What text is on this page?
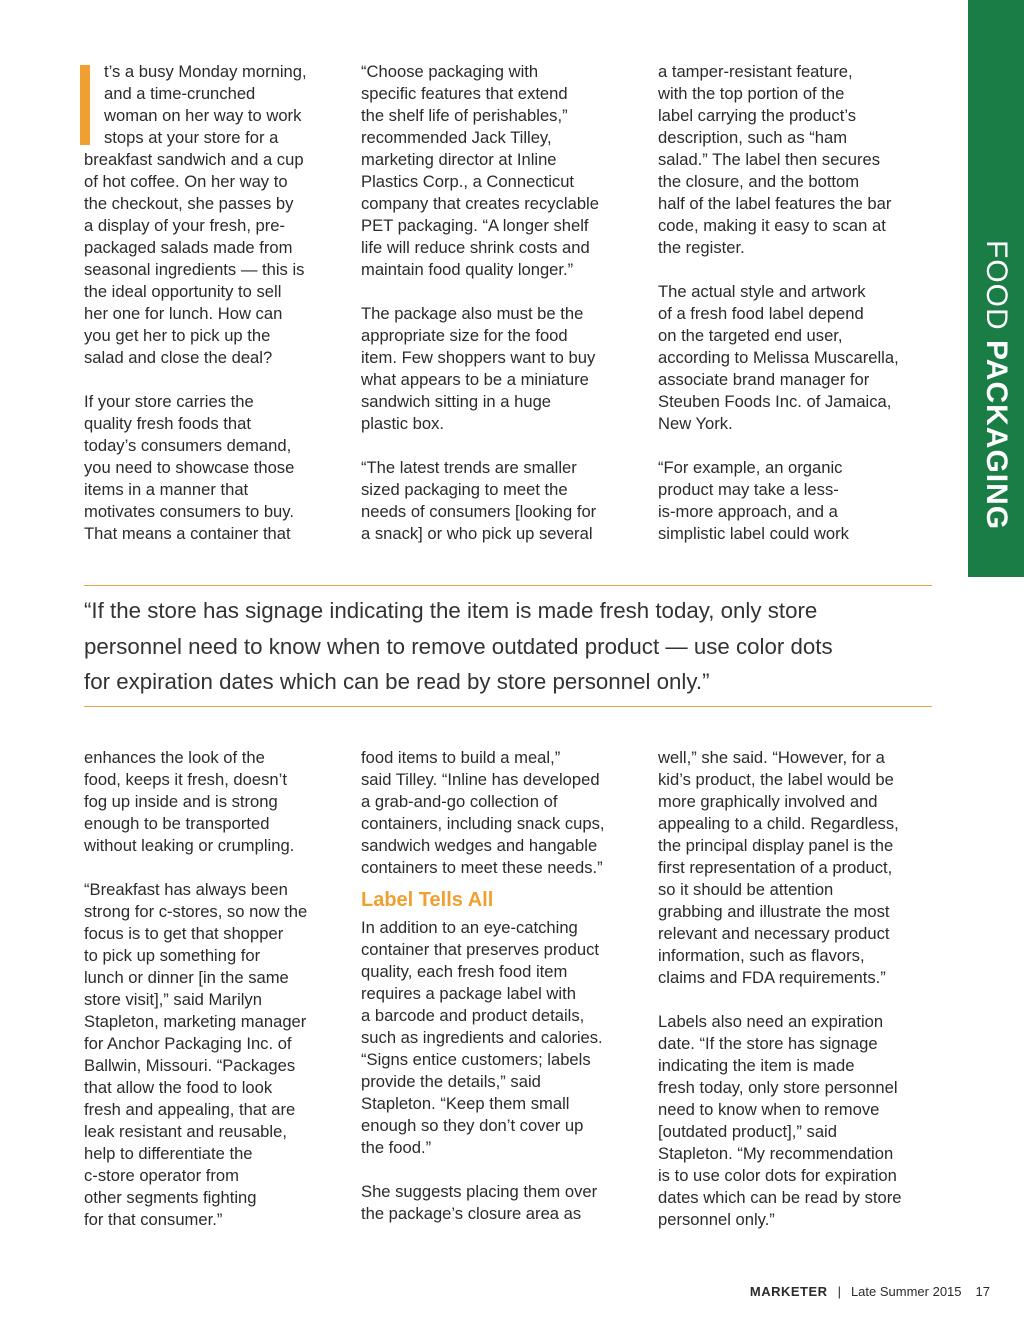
FOOD PACKAGING

t’s a busy Monday morning,
and a time-crunched
woman on her way to work
stops at your store for a
breakfast sandwich and a cup
of hot coffee. On her way to
the checkout, she passes by
a display of your fresh, pre-
packaged salads made from
seasonal ingredients — this is
the ideal opportunity to sell
her one for lunch. How can
you get her to pick up the
salad and close the deal?

If your store carries the
quality fresh foods that
today’s consumers demand,
you need to showcase those
items in a manner that
motivates consumers to buy.
That means a container that

“Choose packaging with
specific features that extend
the shelf life of perishables,”
recommended Jack Tilley,
marketing director at Inline
Plastics Corp., a Connecticut
company that creates recyclable
PET packaging. “A longer shelf
life will reduce shrink costs and
maintain food quality longer.”

The package also must be the
appropriate size for the food
item. Few shoppers want to buy
what appears to be a miniature
sandwich sitting in a huge
plastic box.

“The latest trends are smaller
sized packaging to meet the
needs of consumers [looking for
a snack] or who pick up several

a tamper-resistant feature,
with the top portion of the
label carrying the product’s
description, such as “ham
salad.” The label then secures
the closure, and the bottom
half of the label features the bar
code, making it easy to scan at
the register.

The actual style and artwork
of a fresh food label depend
on the targeted end user,
according to Melissa Muscarella,
associate brand manager for
Steuben Foods Inc. of Jamaica,
New York.

“For example, an organic
product may take a less-
is-more approach, and a
simplistic label could work

“If the store has signage indicating the item is made fresh today, only store
personnel need to know when to remove outdated product — use color dots
for expiration dates which can be read by store personnel only.”

enhances the look of the
food, keeps it fresh, doesn’t
fog up inside and is strong
enough to be transported
without leaking or crumpling.

“Breakfast has always been
strong for c-stores, so now the
focus is to get that shopper
to pick up something for
lunch or dinner [in the same
store visit],” said Marilyn
Stapleton, marketing manager
for Anchor Packaging Inc. of
Ballwin, Missouri. “Packages
that allow the food to look
fresh and appealing, that are
leak resistant and reusable,
help to differentiate the
c-store operator from
other segments fighting
for that consumer.”

food items to build a meal,”
said Tilley. “Inline has developed
a grab-and-go collection of
containers, including snack cups,
sandwich wedges and hangable
containers to meet these needs.”

Label Tells All

In addition to an eye-catching
container that preserves product
quality, each fresh food item
requires a package label with
a barcode and product details,
such as ingredients and calories.
“Signs entice customers; labels
provide the details,” said
Stapleton. “Keep them small
enough so they don’t cover up
the food.”

She suggests placing them over
the package’s closure area as

well,” she said. “However, for a
kid’s product, the label would be
more graphically involved and
appealing to a child. Regardless,
the principal display panel is the
first representation of a product,
so it should be attention
grabbing and illustrate the most
relevant and necessary product
information, such as flavors,
claims and FDA requirements.”

Labels also need an expiration
date. “If the store has signage
indicating the item is made
fresh today, only store personnel
need to know when to remove
[outdated product],” said
Stapleton. “My recommendation
is to use color dots for expiration
dates which can be read by store
personnel only.”

MARKETER | Late Summer 2015 17
